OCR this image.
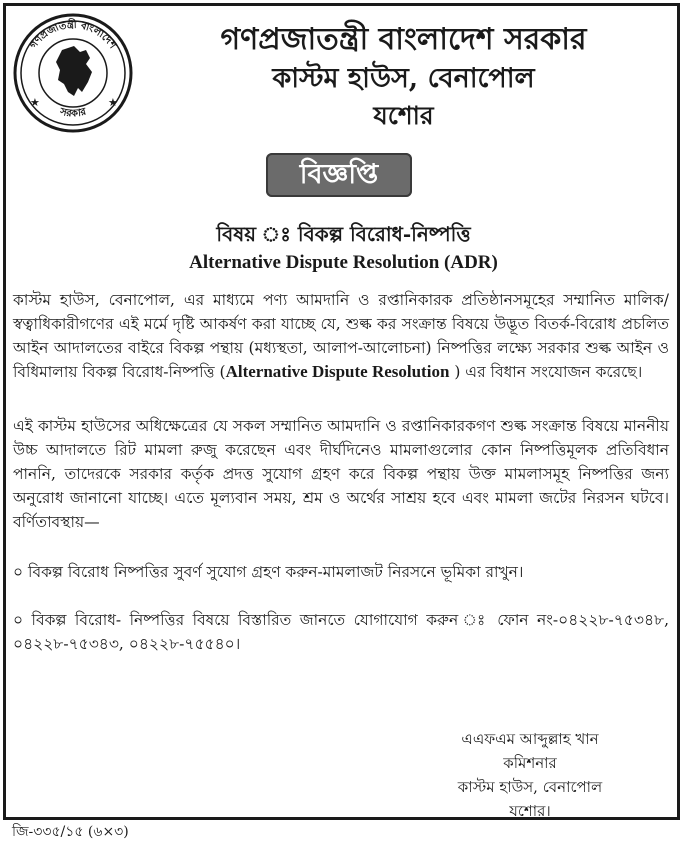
গণপ্রজাতন্ত্রী বাংলাদেশ
সরকার
★	★
গণপ্রজাতন্ত্রী বাংলাদেশ সরকার
কাস্টম হাউস, বেনাপোল
যশোর
বিজ্ঞপ্তি
বিষয় ঃ বিকল্প বিরোধ-নিষ্পত্তি
Alternative Dispute Resolution (ADR)
কাস্টম হাউস, বেনাপোল, এর মাধ্যমে পণ্য আমদানি ও রপ্তানিকারক প্রতিষ্ঠানসমূহের সম্মানিত মালিক/স্বত্বাধিকারীগণের এই মর্মে দৃষ্টি আকর্ষণ করা যাচ্ছে যে, শুল্ক কর সংক্রান্ত বিষয়ে উদ্ভূত বিতর্ক-বিরোধ প্রচলিত আইন আদালতের বাইরে বিকল্প পন্থায় (মধ্যস্থতা, আলাপ-আলোচনা) নিষ্পত্তির লক্ষ্যে সরকার শুল্ক আইন ও বিধিমালায় বিকল্প বিরোধ-নিষ্পত্তি (Alternative Dispute Resolution ) এর বিধান সংযোজন করেছে।
এই কাস্টম হাউসের অধিক্ষেত্রের যে সকল সম্মানিত আমদানি ও রপ্তানিকারকগণ শুল্ক সংক্রান্ত বিষয়ে মাননীয় উচ্চ আদালতে রিট মামলা রুজু করেছেন এবং দীর্ঘদিনেও মামলাগুলোর কোন নিষ্পত্তিমূলক প্রতিবিধান পাননি, তাদেরকে সরকার কর্তৃক প্রদত্ত সুযোগ গ্রহণ করে বিকল্প পন্থায় উক্ত মামলাসমূহ নিষ্পত্তির জন্য অনুরোধ জানানো যাচ্ছে। এতে মূল্যবান সময়, শ্রম ও অর্থের সাশ্রয় হবে এবং মামলা জটের নিরসন ঘটবে। বর্ণিতাবস্থায়—
০ বিকল্প বিরোধ নিষ্পত্তির সুবর্ণ সুযোগ গ্রহণ করুন-মামলাজট নিরসনে ভূমিকা রাখুন।
০ বিকল্প বিরোধ- নিষ্পত্তির বিষয়ে বিস্তারিত জানতে যোগাযোগ করুন ঃ ফোন নং-০৪২২৮-৭৫৩৪৮, ০৪২২৮-৭৫৩৪৩, ০৪২২৮-৭৫৫৪০।
এএফএম আব্দুল্লাহ খান
কমিশনার
কাস্টম হাউস, বেনাপোল
যশোর।
জি-৩৩৫/১৫ (৬×৩)
